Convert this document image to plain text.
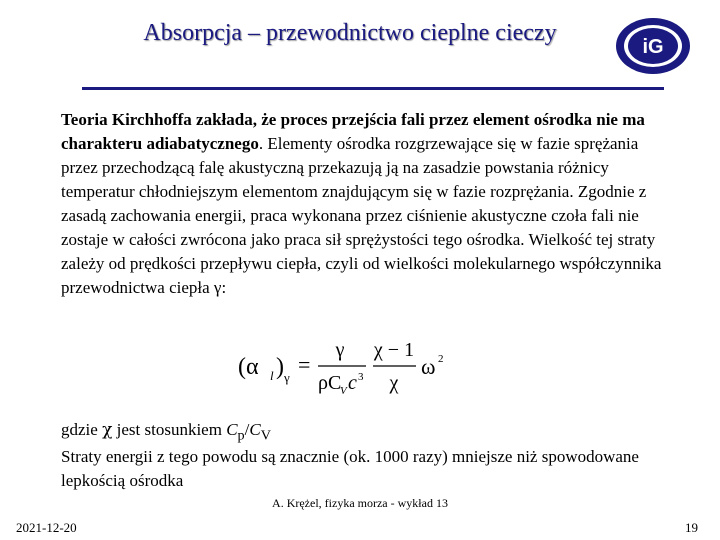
Absorpcja – przewodnictwo cieplne cieczy
iG
Teoria Kirchhoffa zakłada, że proces przejścia fali przez element ośrodka nie ma charakteru adiabatycznego. Elementy ośrodka rozgrzewające się w fazie sprężania przez przechodzącą falę akustyczną przekazują ją na zasadzie powstania różnicy temperatur chłodniejszym elementom znajdującym się w fazie rozprężania. Zgodnie z zasadą zachowania energii, praca wykonana przez ciśnienie akustyczne czoła fali nie zostaje w całości zwrócona jako praca sił sprężystości tego ośrodka. Wielkość tej straty zależy od prędkości przepływu ciepła, czyli od wielkości molekularnego współczynnika przewodnictwa ciepła γ:
(α l ) γ
=
γ
ρC
V c 3
χ − 1
χ
ω 2
gdzie χ jest stosunkiem $C_p/C_V$
Straty energii z tego powodu są znacznie (ok. 1000 razy) mniejsze niż spowodowane lepkością ośrodka
A. Krężel, fizyka morza - wykład 13
2021-12-20	19
